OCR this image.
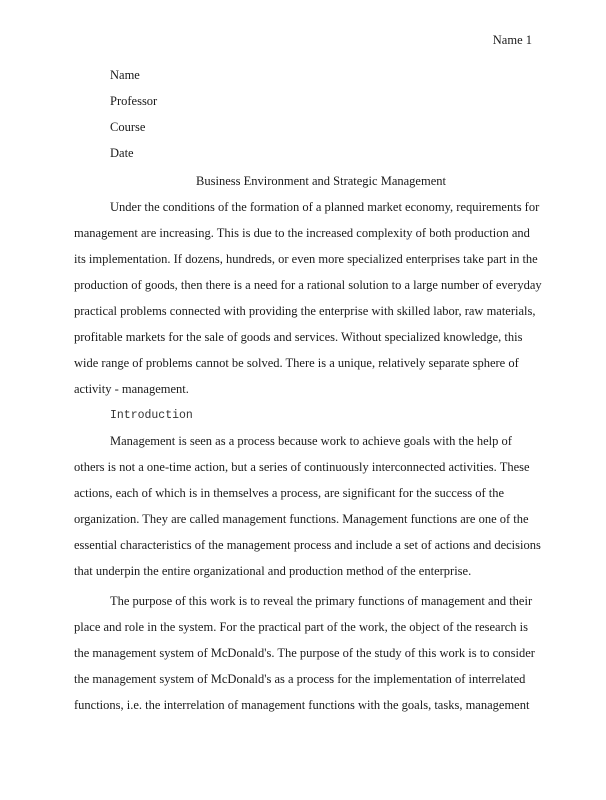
Name 1
Name
Professor
Course
Date
Business Environment and Strategic Management
Under the conditions of the formation of a planned market economy, requirements for
management are increasing. This is due to the increased complexity of both production and
its implementation. If dozens, hundreds, or even more specialized enterprises take part in the
production of goods, then there is a need for a rational solution to a large number of everyday
practical problems connected with providing the enterprise with skilled labor, raw materials,
profitable markets for the sale of goods and services. Without specialized knowledge, this
wide range of problems cannot be solved. There is a unique, relatively separate sphere of
activity - management.
Introduction
Management is seen as a process because work to achieve goals with the help of
others is not a one-time action, but a series of continuously interconnected activities. These
actions, each of which is in themselves a process, are significant for the success of the
organization. They are called management functions. Management functions are one of the
essential characteristics of the management process and include a set of actions and decisions
that underpin the entire organizational and production method of the enterprise.
The purpose of this work is to reveal the primary functions of management and their
place and role in the system. For the practical part of the work, the object of the research is
the management system of McDonald's. The purpose of the study of this work is to consider
the management system of McDonald's as a process for the implementation of interrelated
functions, i.e. the interrelation of management functions with the goals, tasks, management
